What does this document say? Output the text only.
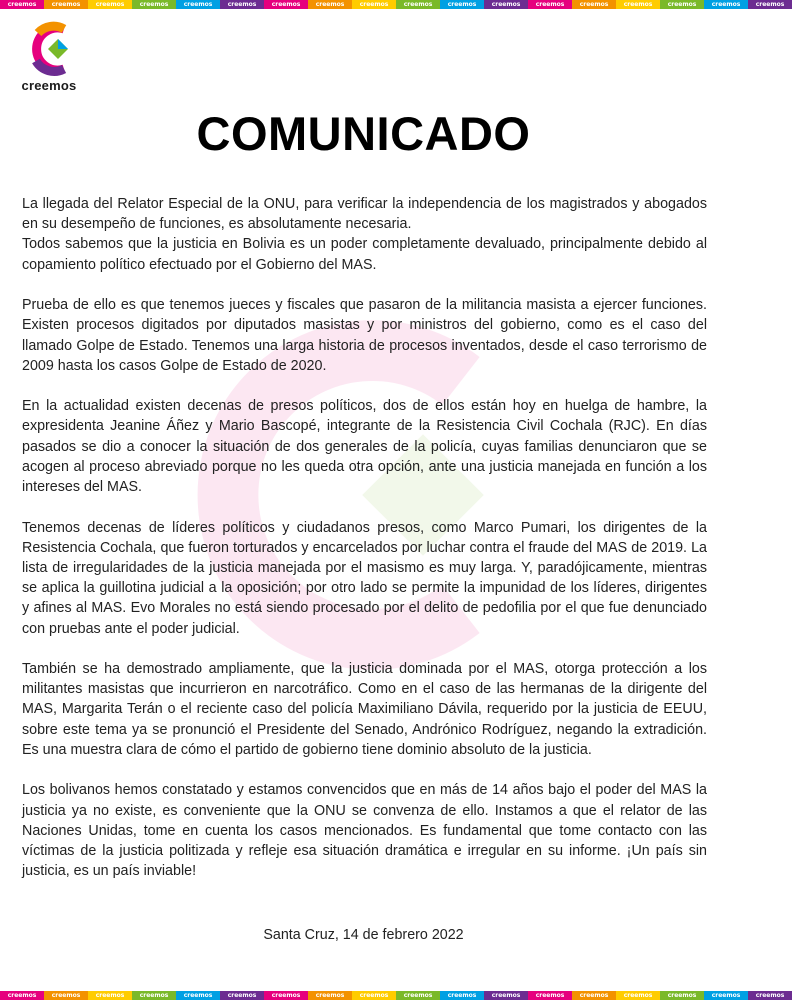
creemos	creemos	creemos	creemos	creemos	creemos	creemos	creemos	creemos	creemos	creemos	creemos	creemos	creemos	creemos	creemos	creemos	creemos
creemos	creemos	creemos	creemos	creemos	creemos	creemos	creemos	creemos	creemos	creemos	creemos	creemos	creemos	creemos	creemos	creemos	creemos
creemos
COMUNICADO
La llegada del Relator Especial de la ONU, para verificar la independencia de los magistrados y abogados en su desempeño de funciones, es absolutamente necesaria.
Todos sabemos que la justicia en Bolivia es un poder completamente devaluado, principalmente debido al copamiento político efectuado por el Gobierno del MAS.
Prueba de ello es que tenemos jueces y fiscales que pasaron de la militancia masista a ejercer funciones. Existen procesos digitados por diputados masistas y por ministros del gobierno, como es el caso del llamado Golpe de Estado. Tenemos una larga historia de procesos inventados, desde el caso terrorismo de 2009 hasta los casos Golpe de Estado de 2020.
En la actualidad existen decenas de presos políticos, dos de ellos están hoy en huelga de hambre, la expresidenta Jeanine Áñez y Mario Bascopé, integrante de la Resistencia Civil Cochala (RJC). En días pasados se dio a conocer la situación de dos generales de la policía, cuyas familias denunciaron que se acogen al proceso abreviado porque no les queda otra opción, ante una justicia manejada en función a los intereses del MAS.
Tenemos decenas de líderes políticos y ciudadanos presos, como Marco Pumari, los dirigentes de la Resistencia Cochala, que fueron torturados y encarcelados por luchar contra el fraude del MAS de 2019. La lista de irregularidades de la justicia manejada por el masismo es muy larga. Y, paradójicamente, mientras se aplica la guillotina judicial a la oposición; por otro lado se permite la impunidad de los líderes, dirigentes y afines al MAS. Evo Morales no está siendo procesado por el delito de pedofilia por el que fue denunciado con pruebas ante el poder judicial.
También se ha demostrado ampliamente, que la justicia dominada por el MAS, otorga protección a los militantes masistas que incurrieron en narcotráfico. Como en el caso de las hermanas de la dirigente del MAS, Margarita Terán o el reciente caso del policía Maximiliano Dávila, requerido por la justicia de EEUU, sobre este tema ya se pronunció el Presidente del Senado, Andrónico Rodríguez, negando la extradición. Es una muestra clara de cómo el partido de gobierno tiene dominio absoluto de la justicia.
Los bolivanos hemos constatado y estamos convencidos que en más de 14 años bajo el poder del MAS la justicia ya no existe, es conveniente que la ONU se convenza de ello. Instamos a que el relator de las Naciones Unidas, tome en cuenta los casos mencionados. Es fundamental que tome contacto con las víctimas de la justicia politizada y refleje esa situación dramática e irregular en su informe. ¡Un país sin justicia, es un país inviable!
Santa Cruz, 14 de febrero 2022
